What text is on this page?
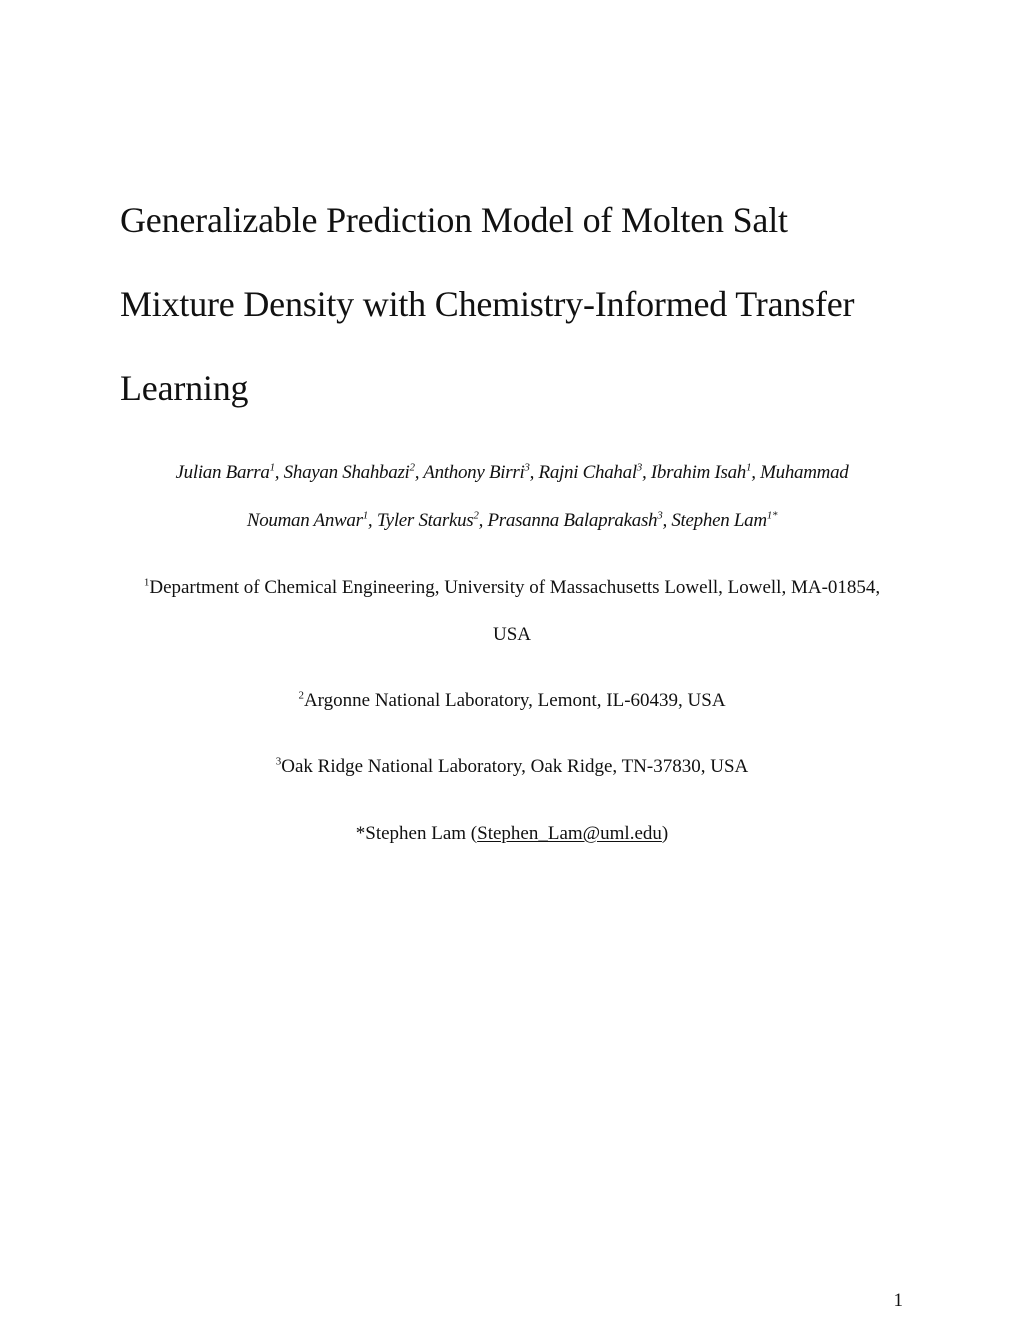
Generalizable Prediction Model of Molten Salt
Mixture Density with Chemistry-Informed Transfer
Learning
Julian Barra$^1$, Shayan Shahbazi$^2$, Anthony Birri$^3$, Rajni Chahal$^3$, Ibrahim Isah$^1$, Muhammad
Nouman Anwar$^1$, Tyler Starkus$^2$, Prasanna Balaprakash$^3$, Stephen Lam$^{1*}$
$^1$Department of Chemical Engineering, University of Massachusetts Lowell, Lowell, MA-01854,
USA
$^2$Argonne National Laboratory, Lemont, IL-60439, USA
$^3$Oak Ridge National Laboratory, Oak Ridge, TN-37830, USA
*Stephen Lam (Stephen_Lam@uml.edu)
1
